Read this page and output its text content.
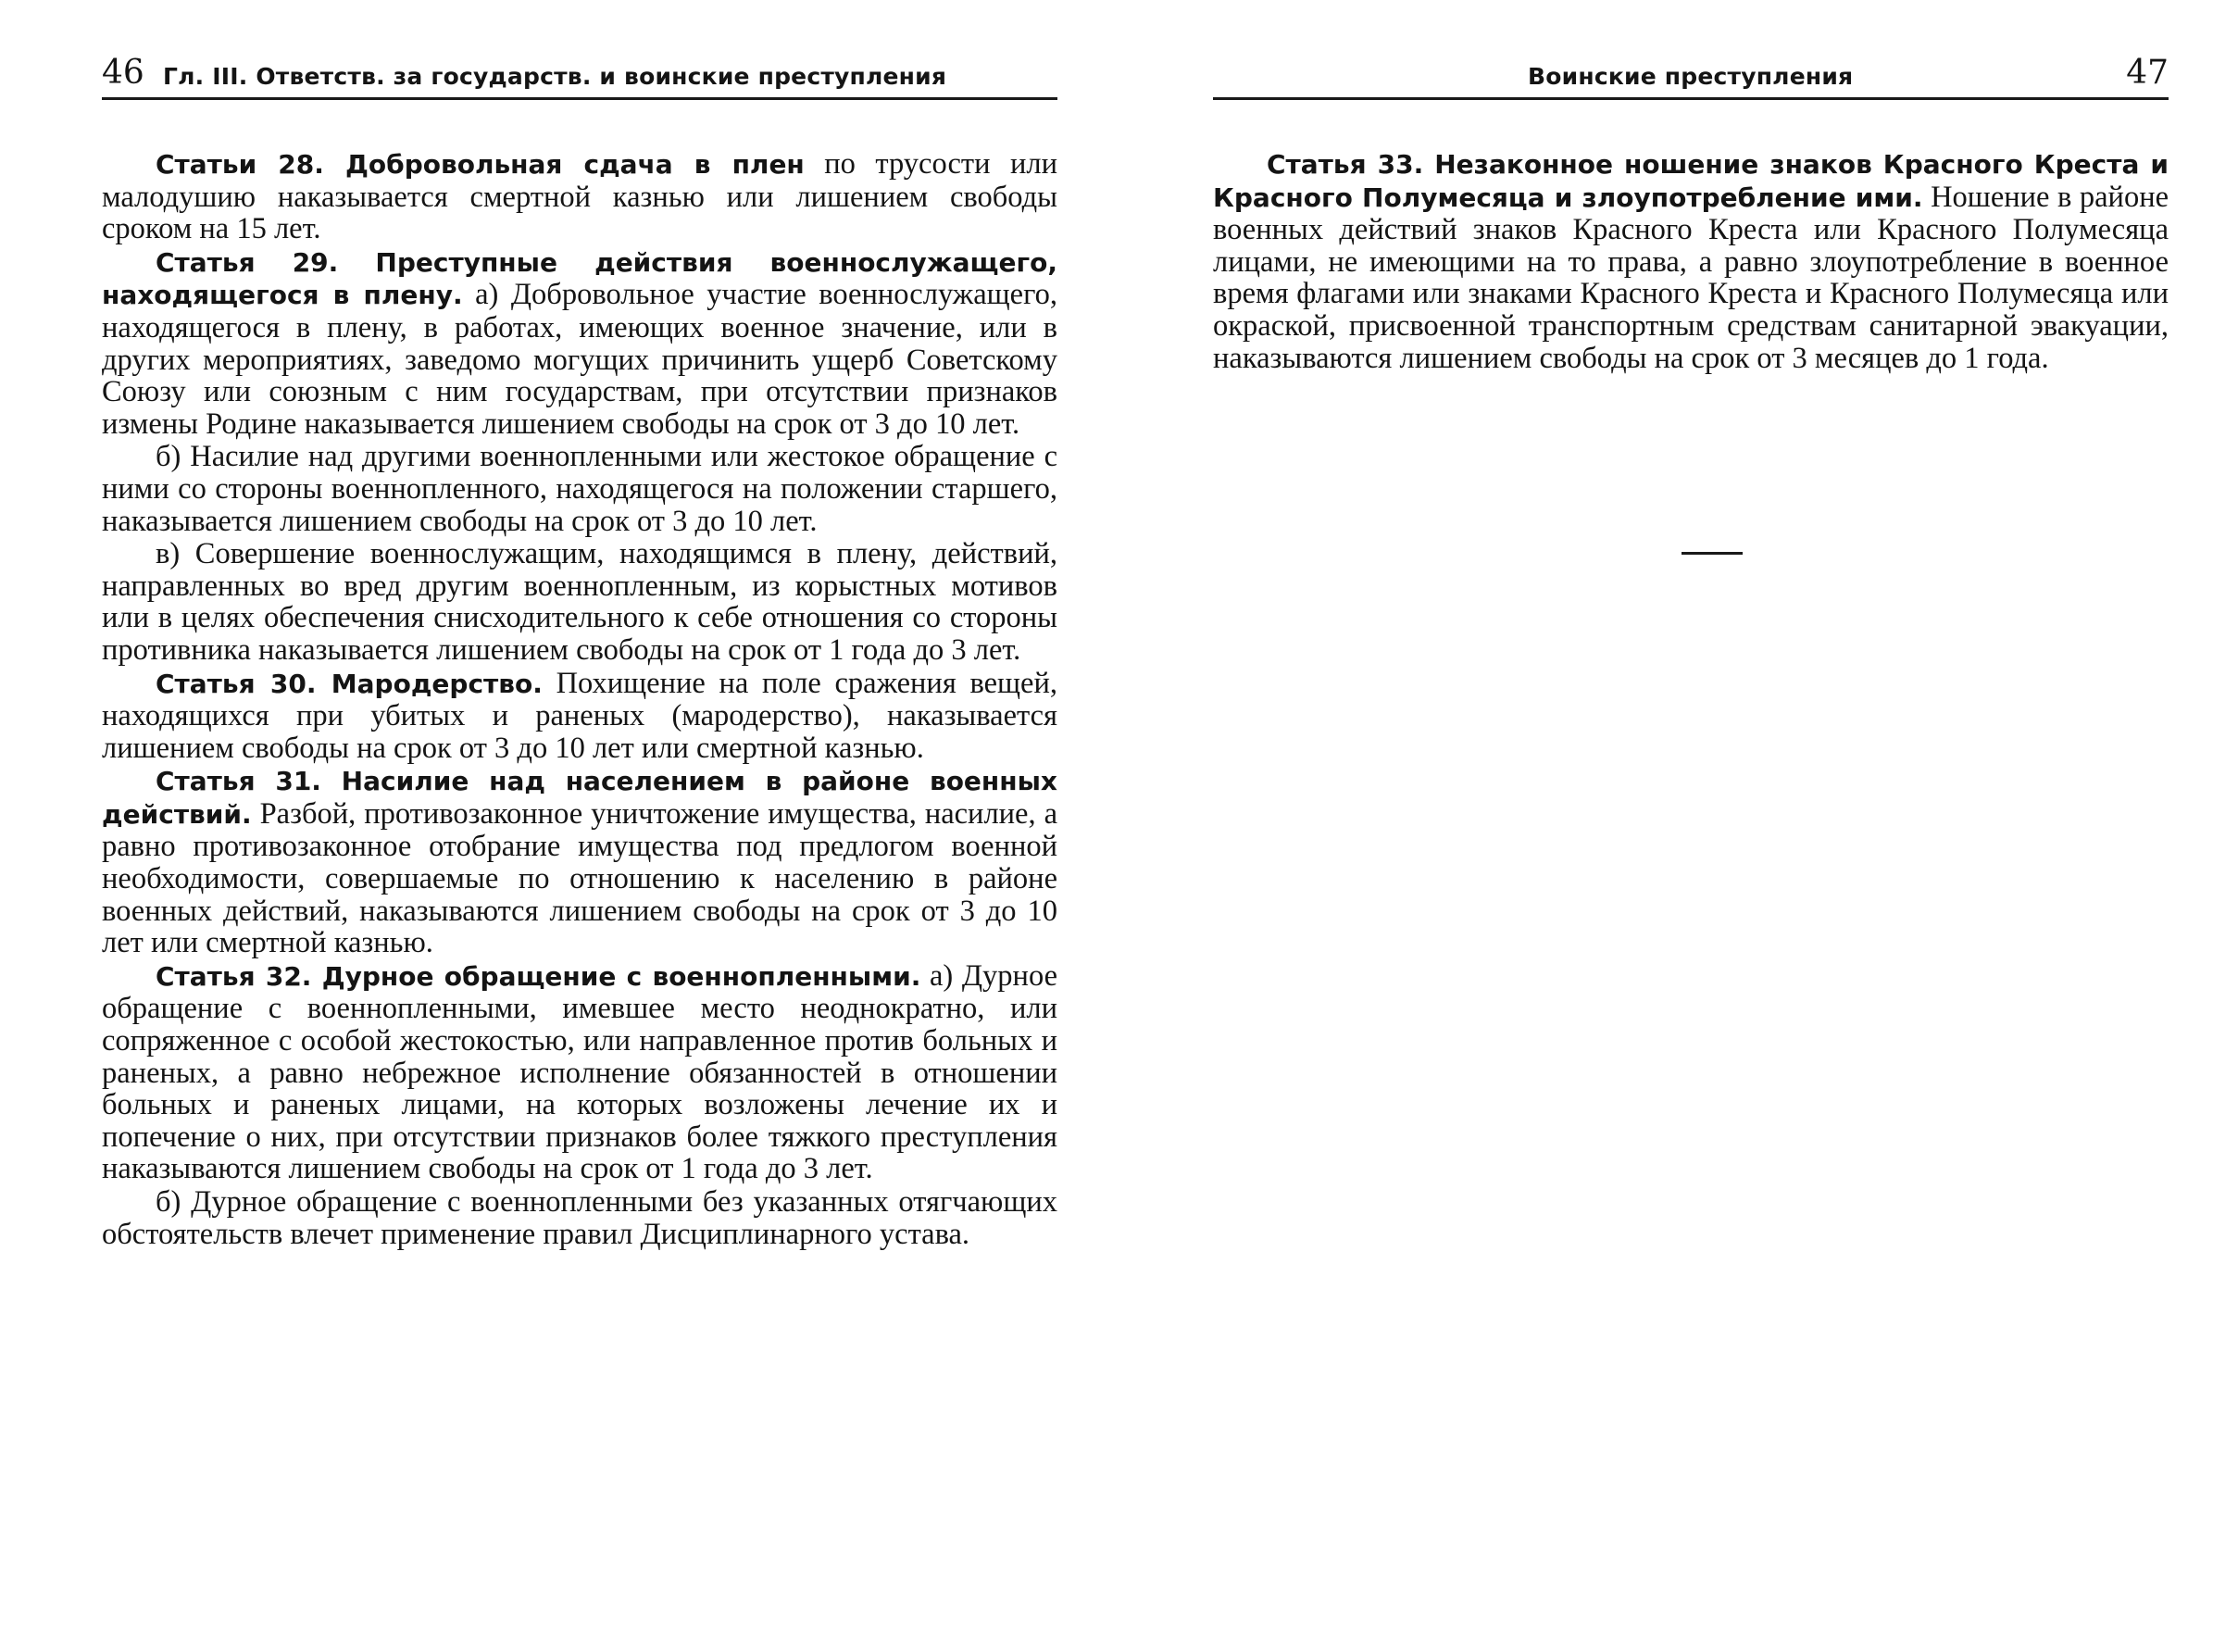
46 Гл. III. Ответств. за государств. и воинские преступления

Статьи 28. Добровольная сдача в плен по трусости или малодушию наказывается смертной казнью или лишением свободы сроком на 15 лет.

Статья 29. Преступные действия военнослужащего, находящегося в плену. а) Добровольное участие военнослужащего, находящегося в плену, в работах, имеющих военное значение, или в других мероприятиях, заведомо могущих причинить ущерб Советскому Союзу или союзным с ним государствам, при отсутствии признаков измены Родине наказывается лишением свободы на срок от 3 до 10 лет.

б) Насилие над другими военнопленными или жестокое обращение с ними со стороны военнопленного, находящегося на положении старшего, наказывается лишением свободы на срок от 3 до 10 лет.

в) Совершение военнослужащим, находящимся в плену, действий, направленных во вред другим военнопленным, из корыстных мотивов или в целях обеспечения снисходительного к себе отношения со стороны противника наказывается лишением свободы на срок от 1 года до 3 лет.

Статья 30. Мародерство. Похищение на поле сражения вещей, находящихся при убитых и раненых (мародерство), наказывается лишением свободы на срок от 3 до 10 лет или смертной казнью.

Статья 31. Насилие над населением в районе военных действий. Разбой, противозаконное уничтожение имущества, насилие, а равно противозаконное отобрание имущества под предлогом военной необходимости, совершаемые по отношению к населению в районе военных действий, наказываются лишением свободы на срок от 3 до 10 лет или смертной казнью.

Статья 32. Дурное обращение с военнопленными. а) Дурное обращение с военнопленными, имевшее место неоднократно, или сопряженное с особой жестокостью, или направленное против больных и раненых, а равно небрежное исполнение обязанностей в отношении больных и раненых лицами, на которых возложены лечение их и попечение о них, при отсутствии признаков более тяжкого преступления наказываются лишением свободы на срок от 1 года до 3 лет.

б) Дурное обращение с военнопленными без указанных отягчающих обстоятельств влечет применение правил Дисциплинарного устава.

Воинские преступления	47

Статья 33. Незаконное ношение знаков Красного Креста и Красного Полумесяца и злоупотребление ими. Ношение в районе военных действий знаков Красного Креста или Красного Полумесяца лицами, не имеющими на то права, а равно злоупотребление в военное время флагами или знаками Красного Креста и Красного Полумесяца или окраской, присвоенной транспортным средствам санитарной эвакуации, наказываются лишением свободы на срок от 3 месяцев до 1 года.
